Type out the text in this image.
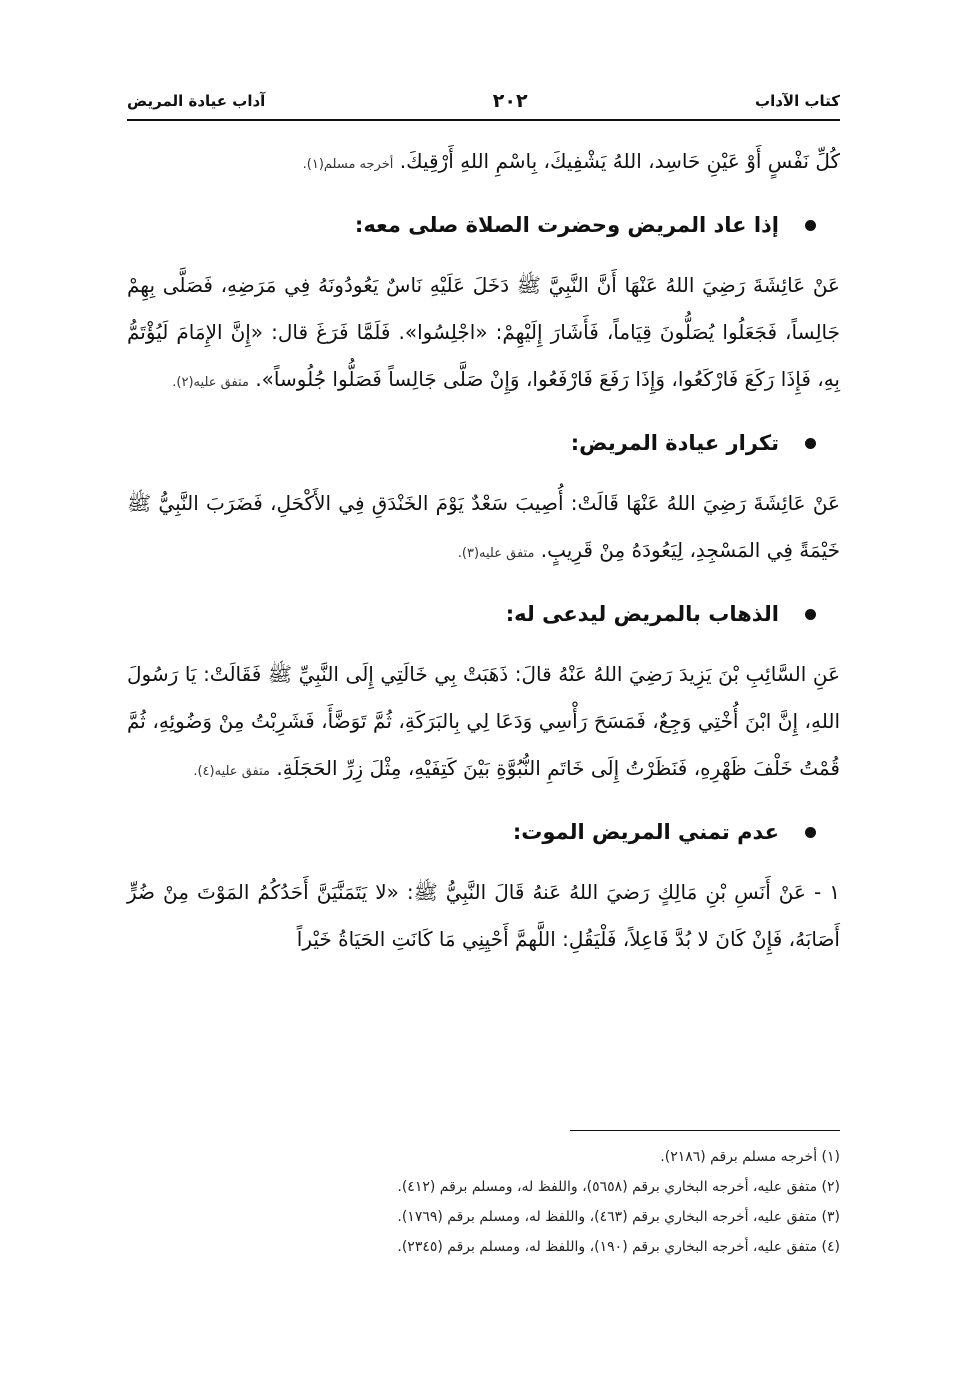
كتاب الآداب
٢٠٢
آداب عيادة المريض

كُلِّ نَفْسٍ أَوْ عَيْنِ حَاسِد، اللهُ يَشْفِيكَ، بِاسْمِ اللهِ أَرْقِيكَ. أخرجه مسلم(١).

إذا عاد المريض وحضرت الصلاة صلى معه:

عَنْ عَائِشَةَ رَضِيَ اللهُ عَنْهَا أَنَّ النَّبِيَّ ﷺ دَخَلَ عَلَيْهِ نَاسٌ يَعُودُونَهُ فِي مَرَضِهِ، فَصَلَّى بِهِمْ جَالِساً، فَجَعَلُوا يُصَلُّونَ قِيَاماً، فَأَشَارَ إِلَيْهِمْ: «اجْلِسُوا». فَلَمَّا فَرَغَ قال: «إِنَّ الإِمَامَ لَيُؤْتَمُّ بِهِ، فَإِذَا رَكَعَ فَارْكَعُوا، وَإِذَا رَفَعَ فَارْفَعُوا، وَإِنْ صَلَّى جَالِساً فَصَلُّوا جُلُوساً». متفق عليه(٢).

تكرار عيادة المريض:

عَنْ عَائِشَةَ رَضِيَ اللهُ عَنْهَا قَالَتْ: أُصِيبَ سَعْدٌ يَوْمَ الخَنْدَقِ فِي الأَكْحَلِ، فَضَرَبَ النَّبِيُّ ﷺ خَيْمَةً فِي المَسْجِدِ، لِيَعُودَهُ مِنْ قَرِيبٍ. متفق عليه(٣).

الذهاب بالمريض ليدعى له:

عَنِ السَّائِبِ بْنَ يَزِيدَ رَضِيَ اللهُ عَنْهُ قالَ: ذَهَبَتْ بِي خَالَتِي إِلَى النَّبِيِّ ﷺ فَقَالَتْ: يَا رَسُولَ اللهِ، إِنَّ ابْنَ أُخْتِي وَجِعٌ، فَمَسَحَ رَأْسِي وَدَعَا لِي بِالبَرَكَةِ، ثُمَّ تَوَضَّأَ، فَشَرِبْتُ مِنْ وَضُوئِهِ، ثُمَّ قُمْتُ خَلْفَ ظَهْرِهِ، فَنَظَرْتُ إِلَى خَاتَمِ النُّبُوَّةِ بَيْنَ كَتِفَيْهِ، مِثْلَ زِرِّ الحَجَلَةِ. متفق عليه(٤).

عدم تمني المريض الموت:

١ - عَنْ أَنَسِ بْنِ مَالِكٍ رَضيَ اللهُ عَنهُ قَالَ النَّبِيُّ ﷺ: «لا يَتَمَنَّيَنَّ أَحَدُكُمُ المَوْتَ مِنْ ضُرٍّ أَصَابَهُ، فَإِنْ كَانَ لا بُدَّ فَاعِلاً، فَلْيَقُلِ: اللَّهمَّ أَحْيِنِي مَا كَانَتِ الحَيَاةُ خَيْراً

(١) أخرجه مسلم برقم (٢١٨٦).
(٢) متفق عليه، أخرجه البخاري برقم (٥٦٥٨)، واللفظ له، ومسلم برقم (٤١٢).
(٣) متفق عليه، أخرجه البخاري برقم (٤٦٣)، واللفظ له، ومسلم برقم (١٧٦٩).
(٤) متفق عليه، أخرجه البخاري برقم (١٩٠)، واللفظ له، ومسلم برقم (٢٣٤٥).
